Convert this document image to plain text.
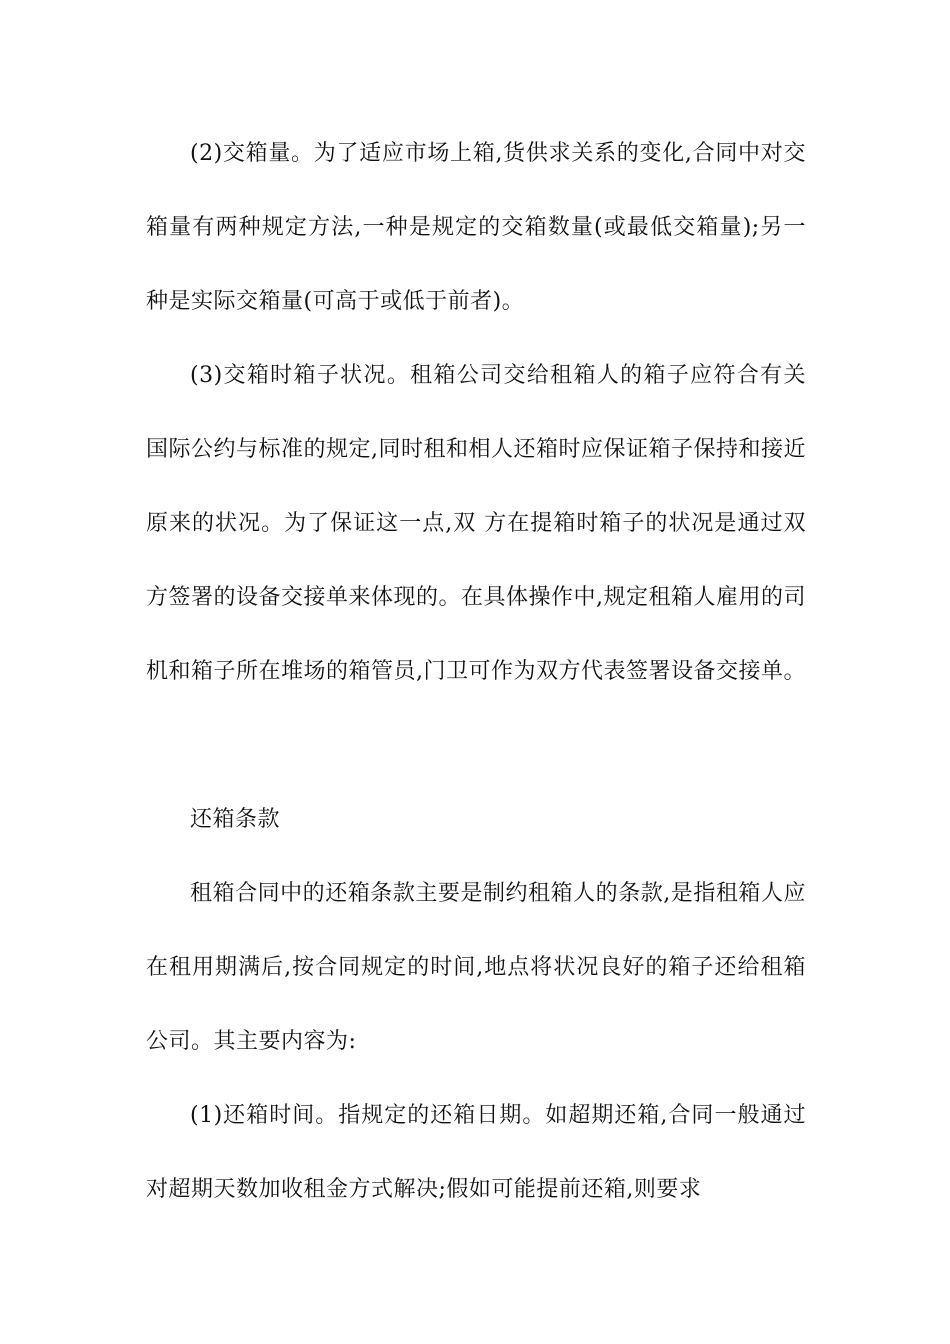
(2)交箱量。为了适应市场上箱,货供求关系的变化,合同中对交箱量有两种规定方法,一种是规定的交箱数量(或最低交箱量);另一种是实际交箱量(可高于或低于前者)。

(3)交箱时箱子状况。租箱公司交给租箱人的箱子应符合有关国际公约与标准的规定,同时租和相人还箱时应保证箱子保持和接近原来的状况。为了保证这一点,双 方在提箱时箱子的状况是通过双方签署的设备交接单来体现的。在具体操作中,规定租箱人雇用的司机和箱子所在堆场的箱管员,门卫可作为双方代表签署设备交接单。

还箱条款

租箱合同中的还箱条款主要是制约租箱人的条款,是指租箱人应在租用期满后,按合同规定的时间,地点将状况良好的箱子还给租箱公司。其主要内容为:

(1)还箱时间。指规定的还箱日期。如超期还箱,合同一般通过对超期天数加收租金方式解决;假如可能提前还箱,则要求
